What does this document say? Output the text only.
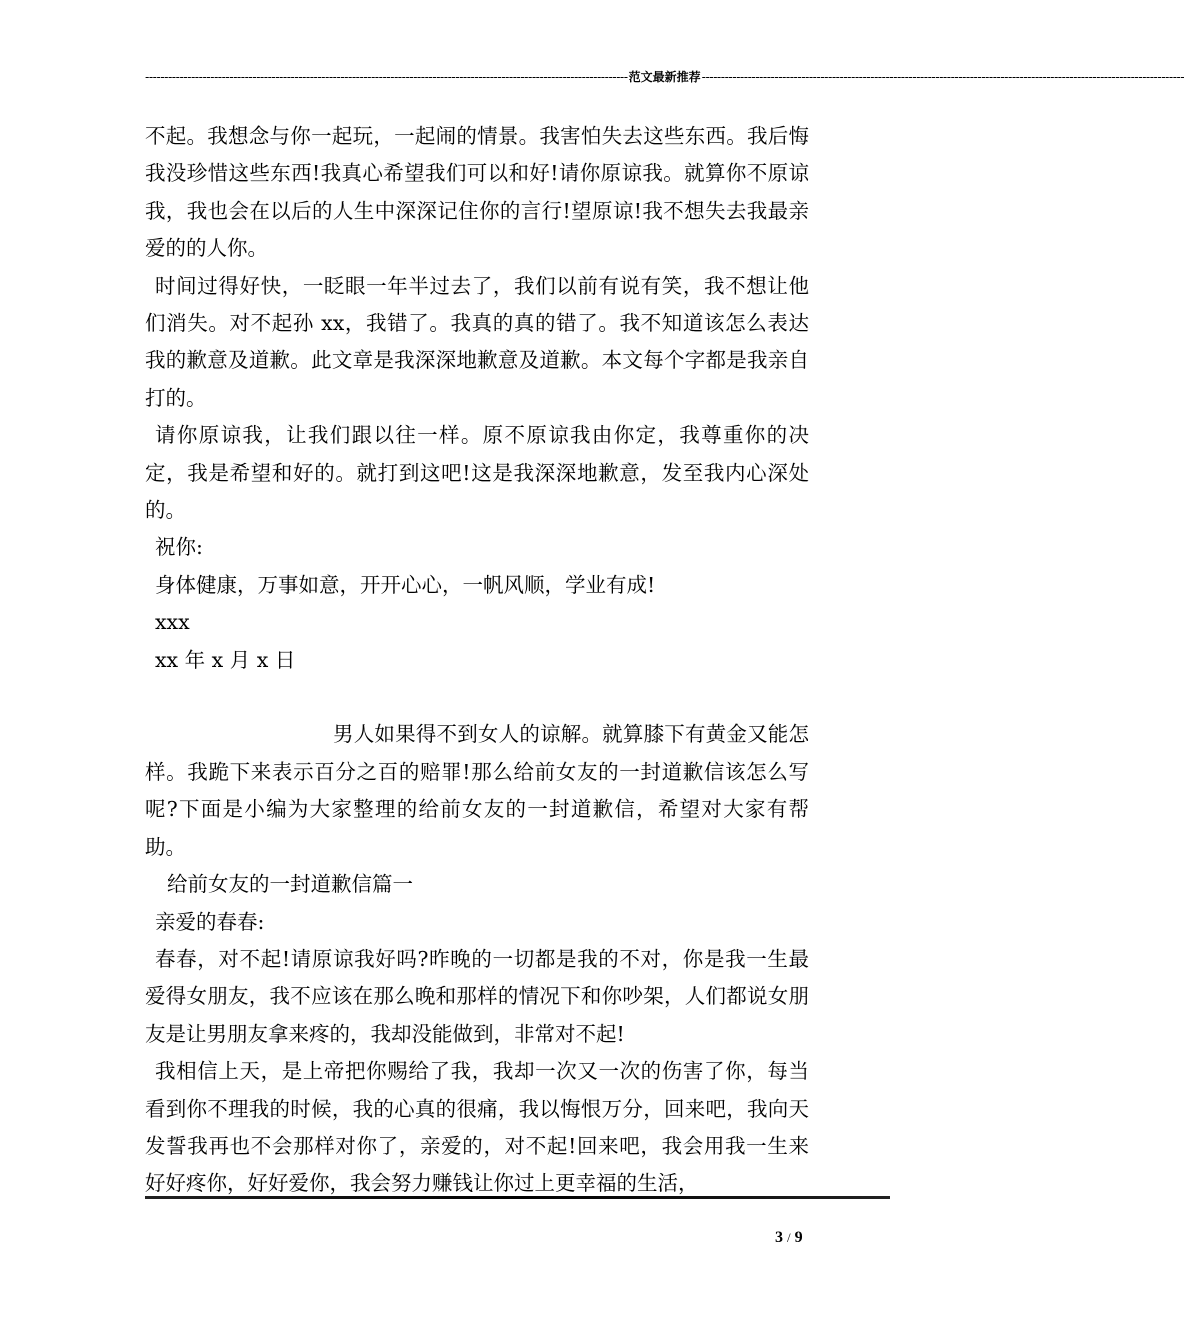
------------------------------------------------------------------------------------------------------------------------------ 范文最新推荐 ------------------------------------------------------------------------------------------------------------------------------

不起。我想念与你一起玩，一起闹的情景。我害怕失去这些东西。我后悔我没珍惜这些东西!我真心希望我们可以和好!请你原谅我。就算你不原谅我，我也会在以后的人生中深深记住你的言行!望原谅!我不想失去我最亲爱的的人你。

时间过得好快，一眨眼一年半过去了，我们以前有说有笑，我不想让他们消失。对不起孙 xx，我错了。我真的真的错了。我不知道该怎么表达我的歉意及道歉。此文章是我深深地歉意及道歉。本文每个字都是我亲自打的。

请你原谅我，让我们跟以往一样。原不原谅我由你定，我尊重你的决定，我是希望和好的。就打到这吧!这是我深深地歉意，发至我内心深处的。

祝你:

身体健康，万事如意，开开心心，一帆风顺，学业有成!

xxx

xx 年 x 月 x 日

男人如果得不到女人的谅解。就算膝下有黄金又能怎样。我跪下来表示百分之百的赔罪!那么给前女友的一封道歉信该怎么写呢?下面是小编为大家整理的给前女友的一封道歉信，希望对大家有帮助。

给前女友的一封道歉信篇一

亲爱的春春:

春春，对不起!请原谅我好吗?昨晚的一切都是我的不对，你是我一生最爱得女朋友，我不应该在那么晚和那样的情况下和你吵架，人们都说女朋友是让男朋友拿来疼的，我却没能做到，非常对不起!

我相信上天，是上帝把你赐给了我，我却一次又一次的伤害了你，每当看到你不理我的时候，我的心真的很痛，我以悔恨万分，回来吧，我向天发誓我再也不会那样对你了，亲爱的，对不起!回来吧，我会用我一生来好好疼你，好好爱你，我会努力赚钱让你过上更幸福的生活，

3 / 9
